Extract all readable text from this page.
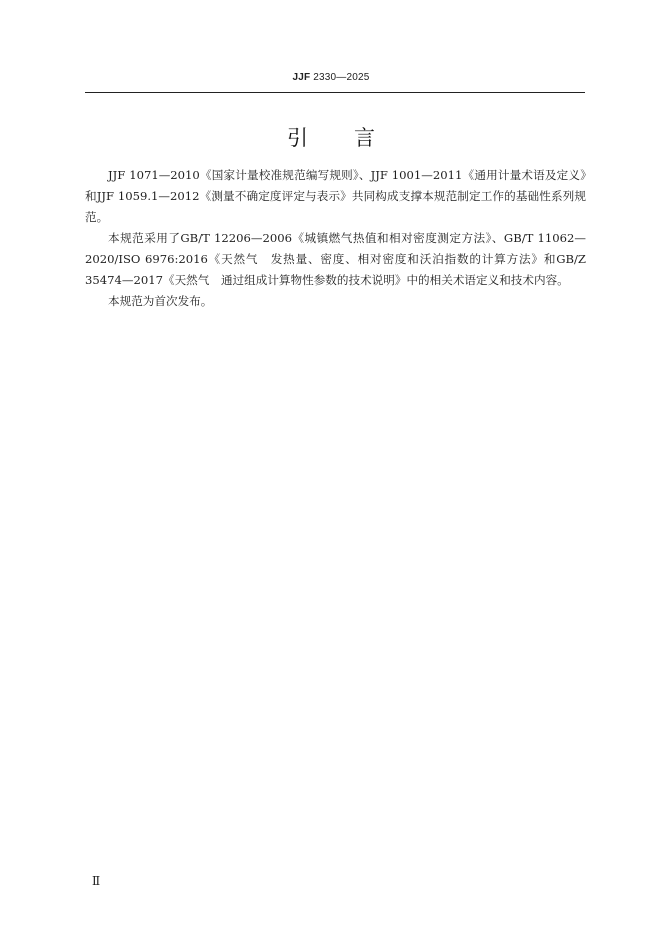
JJF 2330—2025
引言

JJF 1071—2010《国家计量校准规范编写规则》、JJF 1001—2011《通用计量术语及定义》和JJF 1059.1—2012《测量不确定度评定与表示》共同构成支撑本规范制定工作的基础性系列规范。

本规范采用了GB/T 12206—2006《城镇燃气热值和相对密度测定方法》、GB/T 11062—2020/ISO 6976:2016《天然气　发热量、密度、相对密度和沃泊指数的计算方法》和GB/Z 35474—2017《天然气　通过组成计算物性参数的技术说明》中的相关术语定义和技术内容。

本规范为首次发布。

Ⅱ
